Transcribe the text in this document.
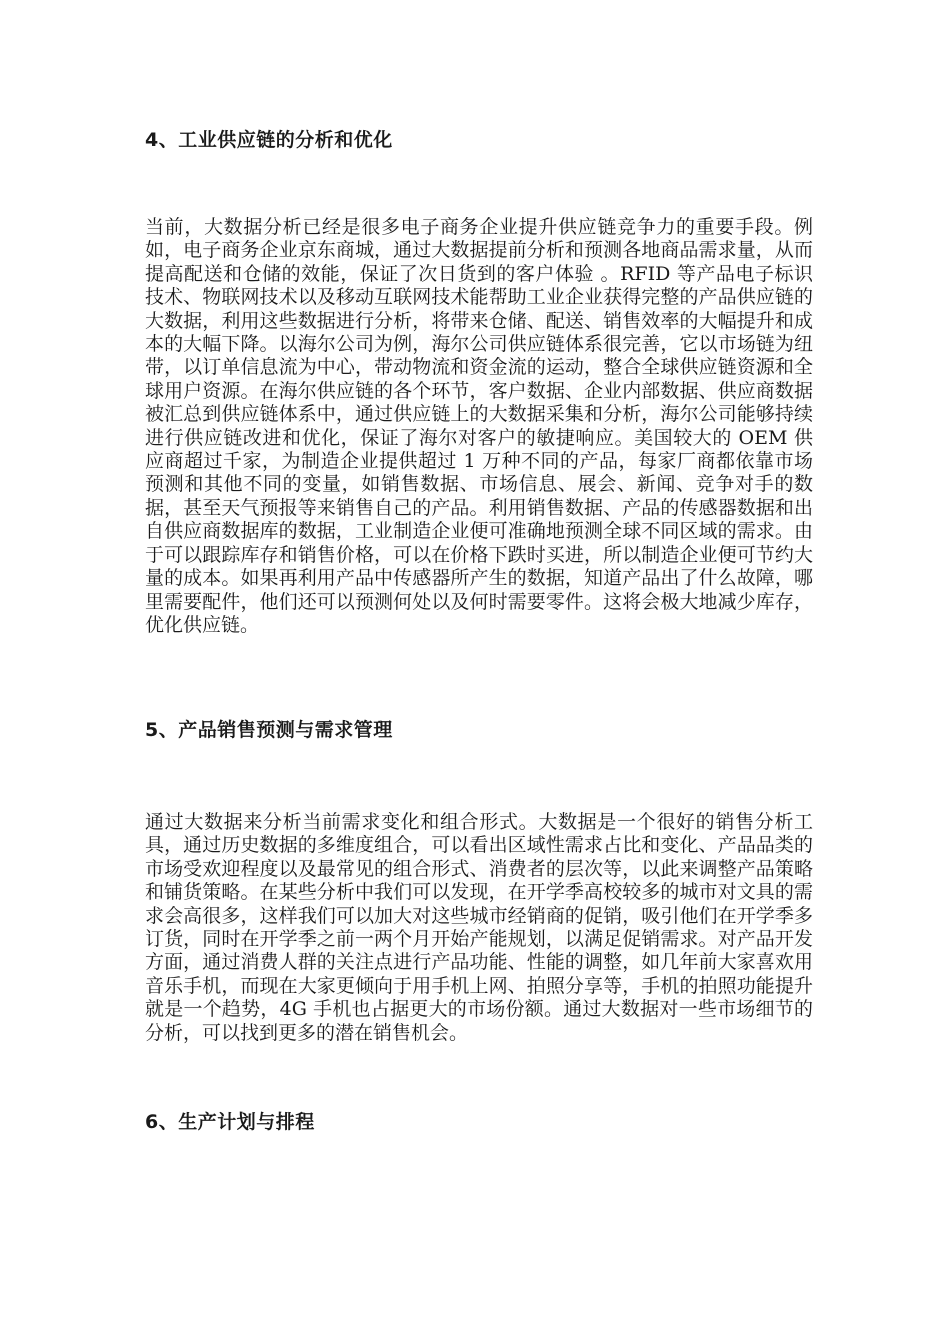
4、工业供应链的分析和优化

当前，大数据分析已经是很多电子商务企业提升供应链竞争力的重要手段。例如，电子商务企业京东商城，通过大数据提前分析和预测各地商品需求量，从而提高配送和仓储的效能，保证了次日货到的客户体验 。RFID 等产品电子标识技术、物联网技术以及移动互联网技术能帮助工业企业获得完整的产品供应链的大数据，利用这些数据进行分析，将带来仓储、配送、销售效率的大幅提升和成本的大幅下降。以海尔公司为例，海尔公司供应链体系很完善，它以市场链为纽带，以订单信息流为中心，带动物流和资金流的运动，整合全球供应链资源和全球用户资源。在海尔供应链的各个环节，客户数据、企业内部数据、供应商数据被汇总到供应链体系中，通过供应链上的大数据采集和分析，海尔公司能够持续进行供应链改进和优化，保证了海尔对客户的敏捷响应。美国较大的 OEM 供应商超过千家，为制造企业提供超过 1 万种不同的产品，每家厂商都依靠市场预测和其他不同的变量，如销售数据、市场信息、展会、新闻、竞争对手的数据，甚至天气预报等来销售自己的产品。利用销售数据、产品的传感器数据和出自供应商数据库的数据，工业制造企业便可准确地预测全球不同区域的需求。由于可以跟踪库存和销售价格，可以在价格下跌时买进，所以制造企业便可节约大量的成本。如果再利用产品中传感器所产生的数据，知道产品出了什么故障，哪里需要配件，他们还可以预测何处以及何时需要零件。这将会极大地减少库存，优化供应链。

5、产品销售预测与需求管理

通过大数据来分析当前需求变化和组合形式。大数据是一个很好的销售分析工具，通过历史数据的多维度组合，可以看出区域性需求占比和变化、产品品类的市场受欢迎程度以及最常见的组合形式、消费者的层次等，以此来调整产品策略和铺货策略。在某些分析中我们可以发现，在开学季高校较多的城市对文具的需求会高很多，这样我们可以加大对这些城市经销商的促销，吸引他们在开学季多订货，同时在开学季之前一两个月开始产能规划，以满足促销需求。对产品开发方面，通过消费人群的关注点进行产品功能、性能的调整，如几年前大家喜欢用音乐手机，而现在大家更倾向于用手机上网、拍照分享等，手机的拍照功能提升就是一个趋势，4G 手机也占据更大的市场份额。通过大数据对一些市场细节的分析，可以找到更多的潜在销售机会。

6、生产计划与排程
